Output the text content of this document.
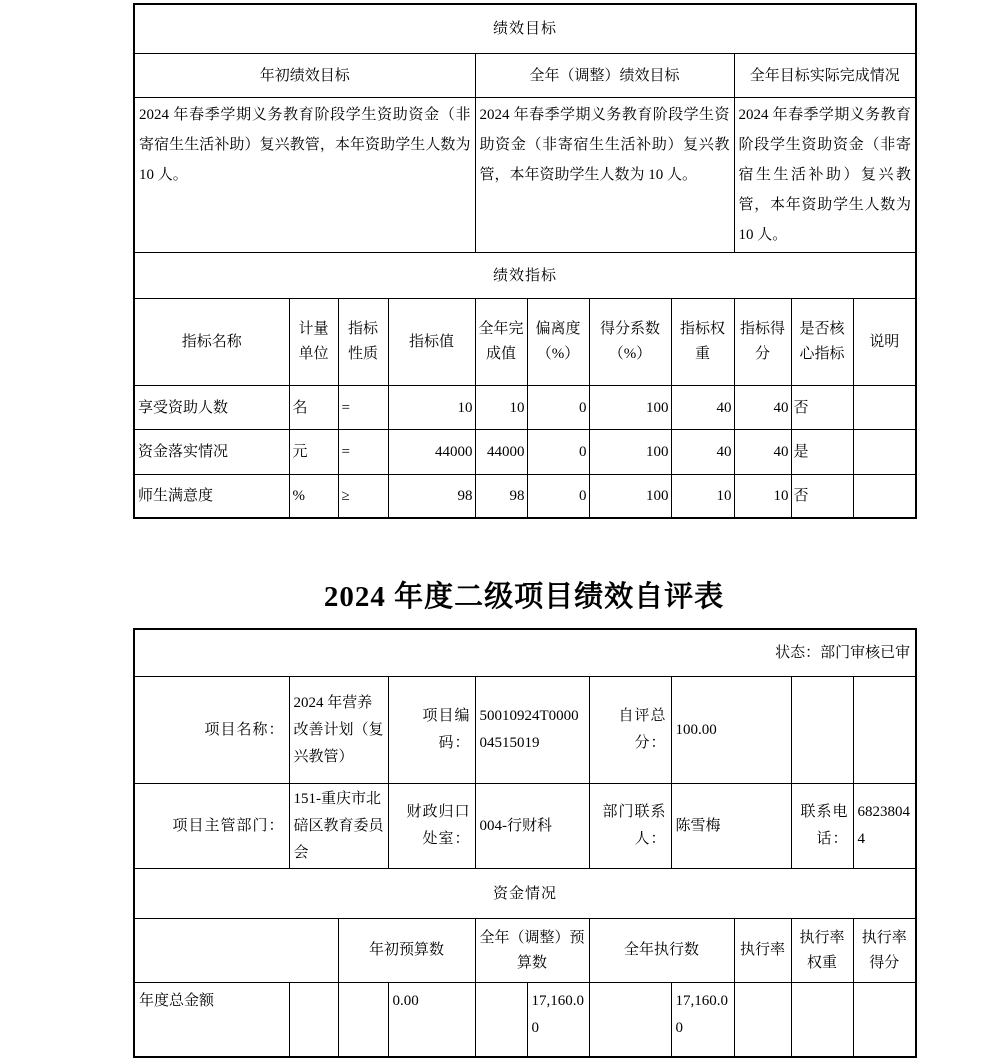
绩效目标										
年初绩效目标				全年（调整）绩效目标				全年目标实际完成情况		
2024 年春季学期义务教育阶段学生资助资金（非寄宿生生活补助）复兴教管，本年资助学生人数为 10 人。				2024 年春季学期义务教育阶段学生资助资金（非寄宿生生活补助）复兴教管，本年资助学生人数为 10 人。				2024 年春季学期义务教育阶段学生资助资金（非寄宿生生活补助）复兴教管，本年资助学生人数为 10 人。		
绩效指标										
指标名称	计量单位	指标性质	指标值	全年完成值	偏离度（%）	得分系数（%）	指标权重	指标得分	是否核心指标	说明
享受资助人数	名	=	10	10	0	100	40	40	否	
资金落实情况	元	=	44000	44000	0	100	40	40	是	
师生满意度	%	≥	98	98	0	100	10	10	否	
2024 年度二级项目绩效自评表
状态：部门审核已审										
项目名称：	2024 年营养改善计划（复兴教管）		项目编码：	50010924T000004515019		自评总分：	100.00			
项目主管部门：	151-重庆市北碚区教育委员会		财政归口处室：	004-行财科		部门联系人：	陈雪梅		联系电话：	68238044
资金情况										
		年初预算数		全年（调整）预算数		全年执行数		执行率	执行率权重	执行率得分
年度总金额			0.00		17,160.00		17,160.00			
